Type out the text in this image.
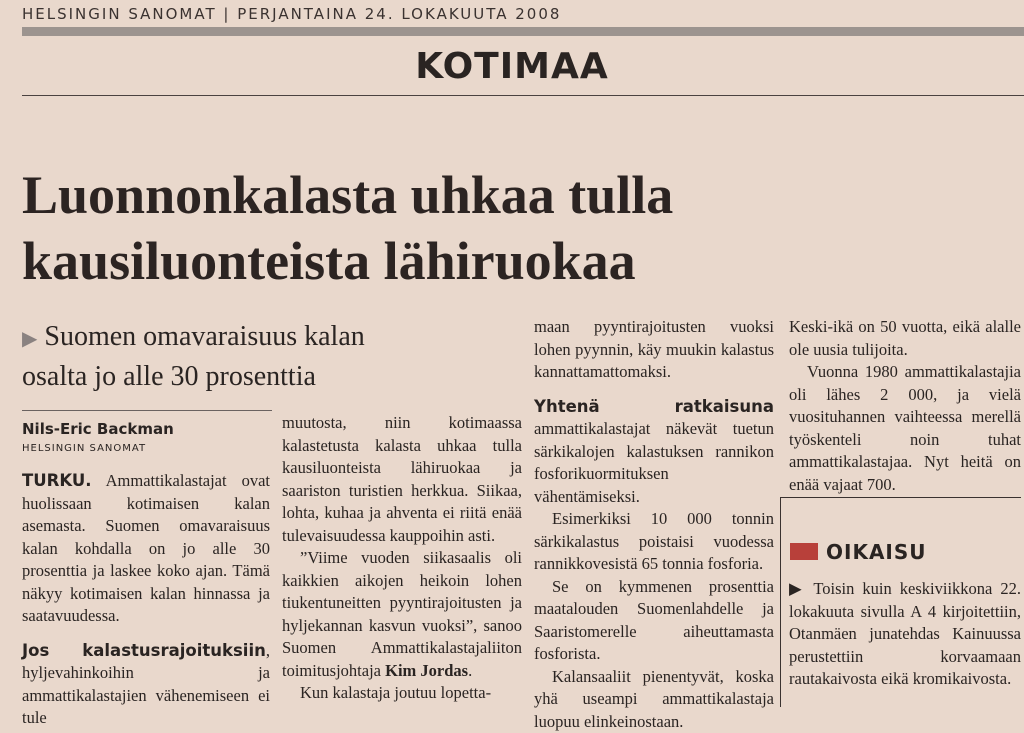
HELSINGIN SANOMAT | PERJANTAINA 24. LOKAKUUTA 2008
KOTIMAA
Luonnonkalasta uhkaa tulla
kausiluonteista lähiruokaa
▶ Suomen omavaraisuus kalan
osalta jo alle 30 prosenttia
Nils-Eric Backman
HELSINGIN SANOMAT

TURKU. Ammattikalastajat ovat huolissaan kotimaisen kalan asemasta. Suomen omavaraisuus kalan kohdalla on jo alle 30 prosenttia ja laskee koko ajan. Tämä näkyy kotimaisen kalan hinnassa ja saatavuudessa.

Jos kalastusrajoituksiin, hyljevahinkoihin ja ammattikalastajien vähenemiseen ei tule

muutosta, niin kotimaassa kalastetusta kalasta uhkaa tulla kausiluonteista lähiruokaa ja saariston turistien herkkua. Siikaa, lohta, kuhaa ja ahventa ei riitä enää tulevaisuudessa kauppoihin asti.

”Viime vuoden siikasaalis oli kaikkien aikojen heikoin lohen tiukentuneitten pyyntirajoitusten ja hyljekannan kasvun vuoksi”, sanoo Suomen Ammattikalastajaliiton toimitusjohtaja Kim Jordas.

Kun kalastaja joutuu lopetta-

maan pyyntirajoitusten vuoksi lohen pyynnin, käy muukin kalastus kannattamattomaksi.

Yhtenä ratkaisuna ammattikalastajat näkevät tuetun särkikalojen kalastuksen rannikon fosforikuormituksen vähentämiseksi.

Esimerkiksi 10 000 tonnin särkikalastus poistaisi vuodessa rannikkovesistä 65 tonnia fosforia.

Se on kymmenen prosenttia maatalouden Suomenlahdelle ja Saaristomerelle aiheuttamasta fosforista.

Kalansaaliit pienentyvät, koska yhä useampi ammattikalastaja luopuu elinkeinostaan.

Keski-ikä on 50 vuotta, eikä alalle ole uusia tulijoita.

Vuonna 1980 ammattikalastajia oli lähes 2 000, ja vielä vuosituhannen vaihteessa merellä työskenteli noin tuhat ammattikalastajaa. Nyt heitä on enää vajaat 700.

OIKAISU
▶ Toisin kuin keskiviikkona 22. lokakuuta sivulla A 4 kirjoitettiin, Otanmäen junatehdas Kainuussa perustettiin korvaamaan rautakaivosta eikä kromikaivosta.
